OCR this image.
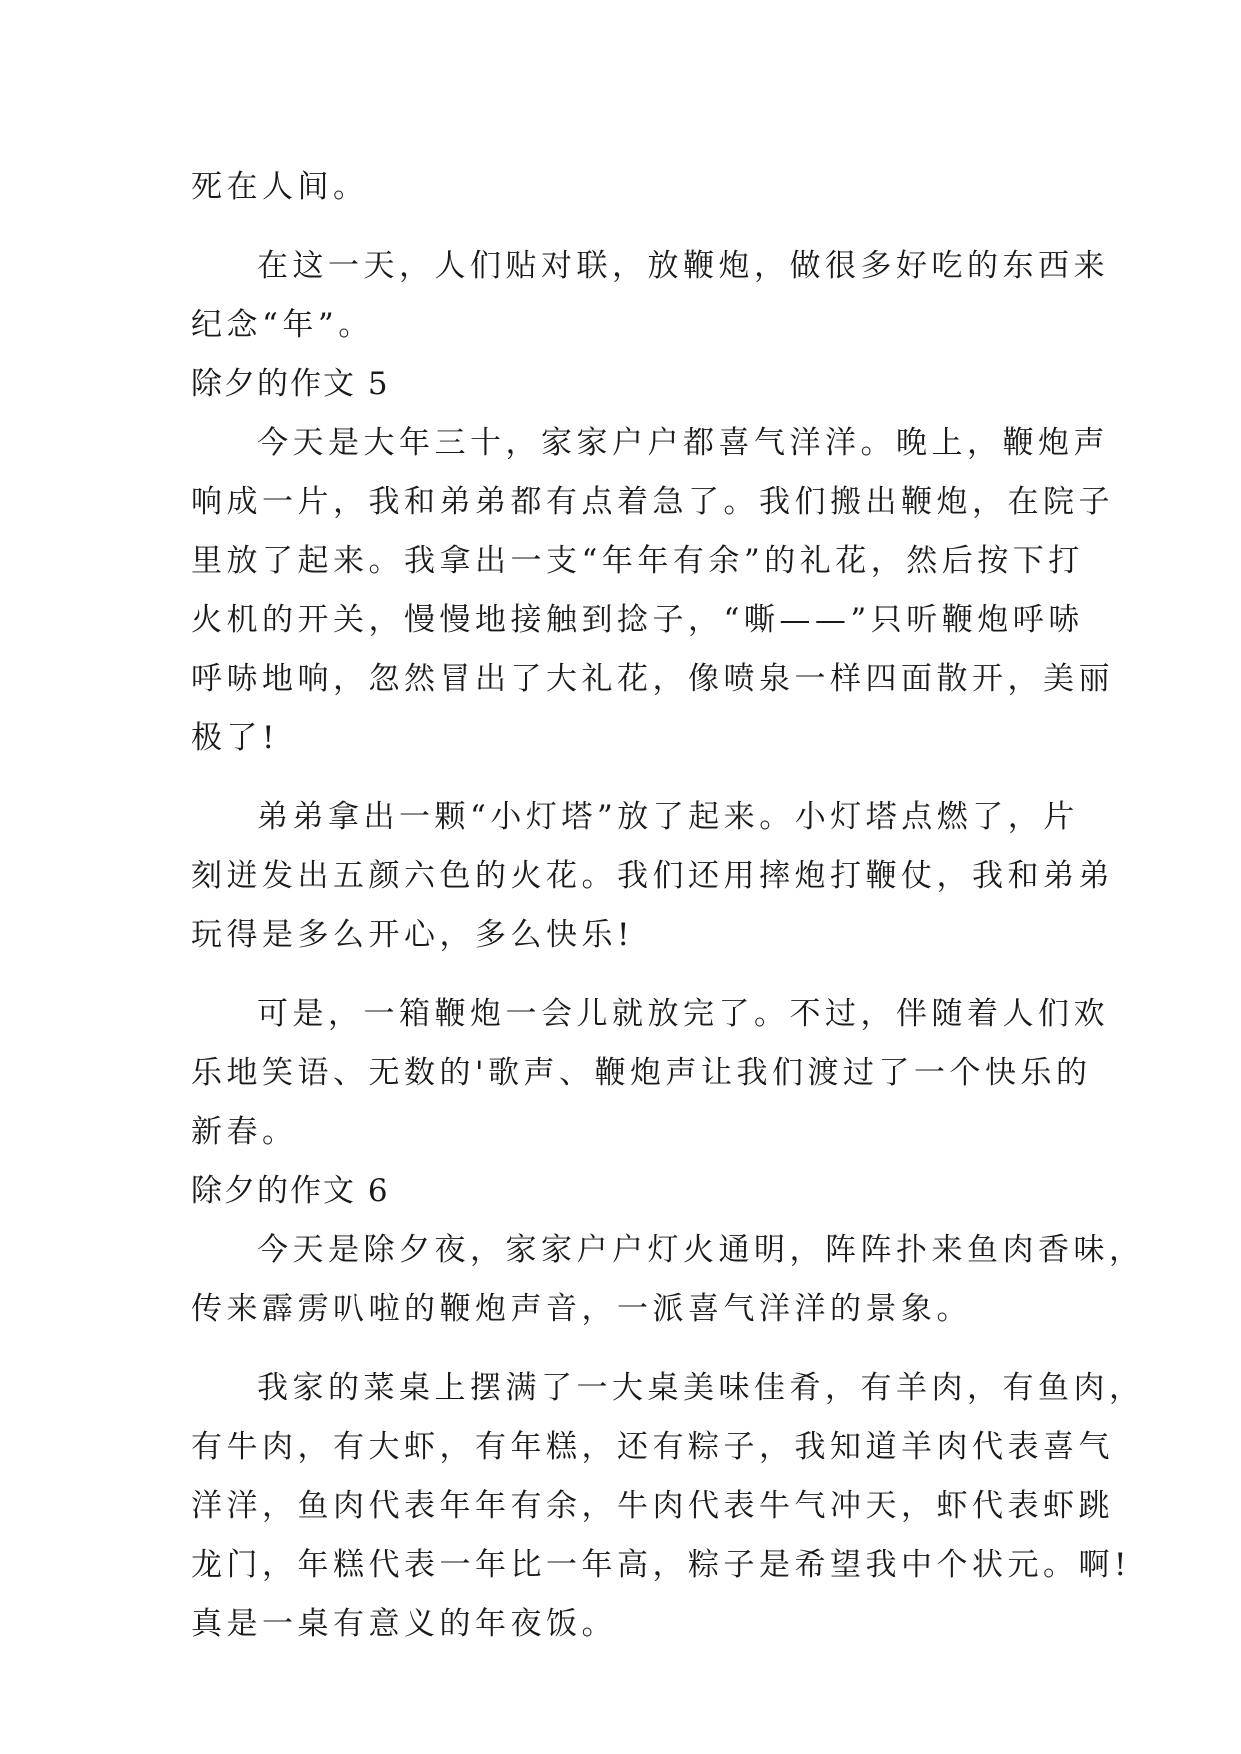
死在人间。
在这一天，人们贴对联，放鞭炮，做很多好吃的东西来
纪念“年”。
除夕的作文 5
今天是大年三十，家家户户都喜气洋洋。晚上，鞭炮声
响成一片，我和弟弟都有点着急了。我们搬出鞭炮，在院子
里放了起来。我拿出一支“年年有余”的礼花，然后按下打
火机的开关，慢慢地接触到捻子，“嘶——”只听鞭炮呼哧
呼哧地响，忽然冒出了大礼花，像喷泉一样四面散开，美丽
极了!
弟弟拿出一颗“小灯塔”放了起来。小灯塔点燃了，片
刻迸发出五颜六色的火花。我们还用摔炮打鞭仗，我和弟弟
玩得是多么开心，多么快乐!
可是，一箱鞭炮一会儿就放完了。不过，伴随着人们欢
乐地笑语、无数的'歌声、鞭炮声让我们渡过了一个快乐的
新春。
除夕的作文 6
今天是除夕夜，家家户户灯火通明，阵阵扑来鱼肉香味，
传来霹雳叭啦的鞭炮声音，一派喜气洋洋的景象。
我家的菜桌上摆满了一大桌美味佳肴，有羊肉，有鱼肉，
有牛肉，有大虾，有年糕，还有粽子，我知道羊肉代表喜气
洋洋，鱼肉代表年年有余，牛肉代表牛气冲天，虾代表虾跳
龙门，年糕代表一年比一年高，粽子是希望我中个状元。啊!
真是一桌有意义的年夜饭。
